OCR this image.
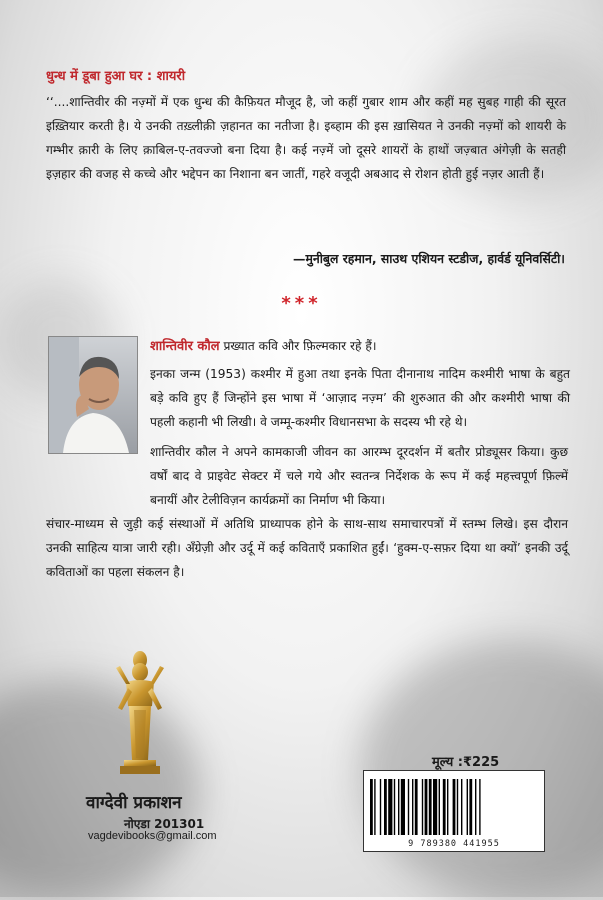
धुन्ध में डूबा हुआ घर : शायरी
‘‘....शान्तिवीर की नज़्मों में एक धुन्ध की कैफ़ियत मौजूद है, जो कहीं गुबार शाम और कहीं मह सुबह गाही की सूरत इख़्तियार करती है। ये उनकी तख़्लीक़ी ज़हानत का नतीजा है। इब्हाम की इस ख़ासियत ने उनकी नज़्मों को शायरी के गम्भीर क़ारी के लिए क़ाबिल-ए-तवज्जो बना दिया है। कई नज़्में जो दूसरे शायरों के हाथों जज़्बात अंगेज़ी के सतही इज़हार की वजह से कच्चे और भद्देपन का निशाना बन जातीं, गहरे वजूदी अबआद से रोशन होती हुई नज़र आती हैं।
—मुनीबुल रहमान, साउथ एशियन स्टडीज, हार्वर्ड यूनिवर्सिटी।
***
शान्तिवीर कौल प्रख्यात कवि और फ़िल्मकार रहे हैं।
इनका जन्म (1953) कश्मीर में हुआ तथा इनके पिता दीनानाथ नादिम कश्मीरी भाषा के बहुत बड़े कवि हुए हैं जिन्होंने इस भाषा में ‘आज़ाद नज़्म’ की शुरुआत की और कश्मीरी भाषा की पहली कहानी भी लिखी। वे जम्मू-कश्मीर विधानसभा के सदस्य भी रहे थे।

शान्तिवीर कौल ने अपने कामकाजी जीवन का आरम्भ दूरदर्शन में बतौर प्रोड्यूसर किया। कुछ वर्षों बाद वे प्राइवेट सेक्टर में चले गये और स्वतन्त्र निर्देशक के रूप में कई महत्त्वपूर्ण फ़िल्में बनायीं और टेलीविज़न कार्यक्रमों का निर्माण भी किया।

संचार-माध्यम से जुड़ी कई संस्थाओं में अतिथि प्राध्यापक होने के साथ-साथ समाचारपत्रों में स्तम्भ लिखे। इस दौरान उनकी साहित्य यात्रा जारी रही। अँग्रेज़ी और उर्दू में कई कविताएँ प्रकाशित हुईं। ‘हुक्म-ए-सफ़र दिया था क्यों’ इनकी उर्दू कविताओं का पहला संकलन है।

वाग्देवी प्रकाशन
नोएडा 201301
vagdevibooks@gmail.com
मूल्य :₹225
9 789380 441955
